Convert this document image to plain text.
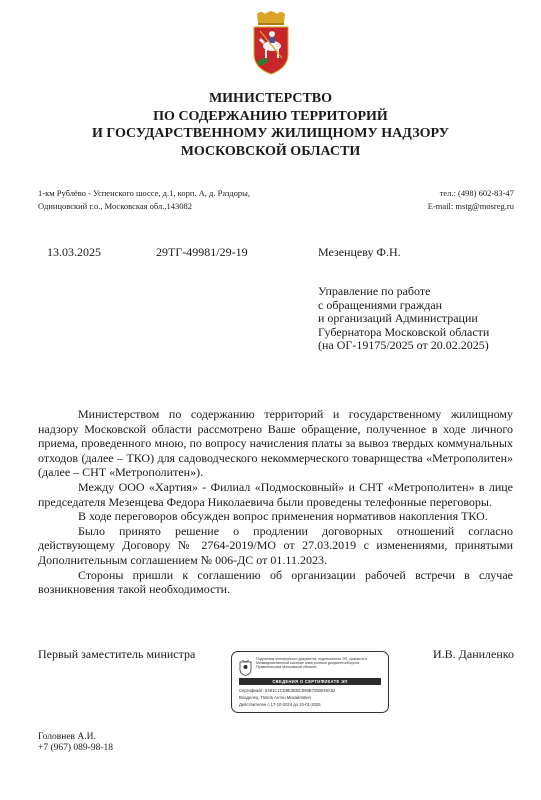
МИНИСТЕРСТВО
ПО СОДЕРЖАНИЮ ТЕРРИТОРИЙ
И ГОСУДАРСТВЕННОМУ ЖИЛИЩНОМУ НАДЗОРУ
МОСКОВСКОЙ ОБЛАСТИ
1-км Рублёво - Успенского шоссе, д.1, корп. А, д. Раздоры,
Одинцовский г.о., Московская обл.,143082
тел.: (498) 602-83-47
E-mail: mstg@mosreg.ru
13.03.2025	29ТГ-49981/29-19	Мезенцеву Ф.Н.
Управление по работе
с обращениями граждан
и организаций Администрации
Губернатора Московской области
(на ОГ-19175/2025 от 20.02.2025)

Министерством по содержанию территорий и государственному жилищному надзору Московской области рассмотрено Ваше обращение, полученное в ходе личного приема, проведенного мною, по вопросу начисления платы за вывоз твердых коммунальных отходов (далее – ТКО) для садоводческого некоммерческого товарищества «Метрополитен» (далее – СНТ «Метрополитен»).

Между ООО «Хартия» - Филиал «Подмосковный» и СНТ «Метрополитен» в лице председателя Мезенцева Федора Николаевича были проведены телефонные переговоры.

В ходе переговоров обсужден вопрос применения нормативов накопления ТКО.

Было принято решение о продлении договорных отношений согласно действующему Договору № 2764-2019/МО от 27.03.2019 с изменениями, принятыми Дополнительным соглашением № 006-ДС от 01.11.2023.

Стороны пришли к соглашению об организации рабочей встречи в случае возникновения такой необходимости.

Первый заместитель министра	И.В. Даниленко
Подлинник электронного документа, подписанного ЭП, хранится в Межведомственной системе электронного документооборота Правительства Московской области
СВЕДЕНИЯ О СЕРТИФИКАТЕ ЭП
Сертификат: 5481C1CD9E3EBC898B7280049A52
Владелец: Попов Антон Михайлович
Действителен с 17-10-2024 до 10-01-2026
Головнев А.И.
+7 (967) 089-98-18
